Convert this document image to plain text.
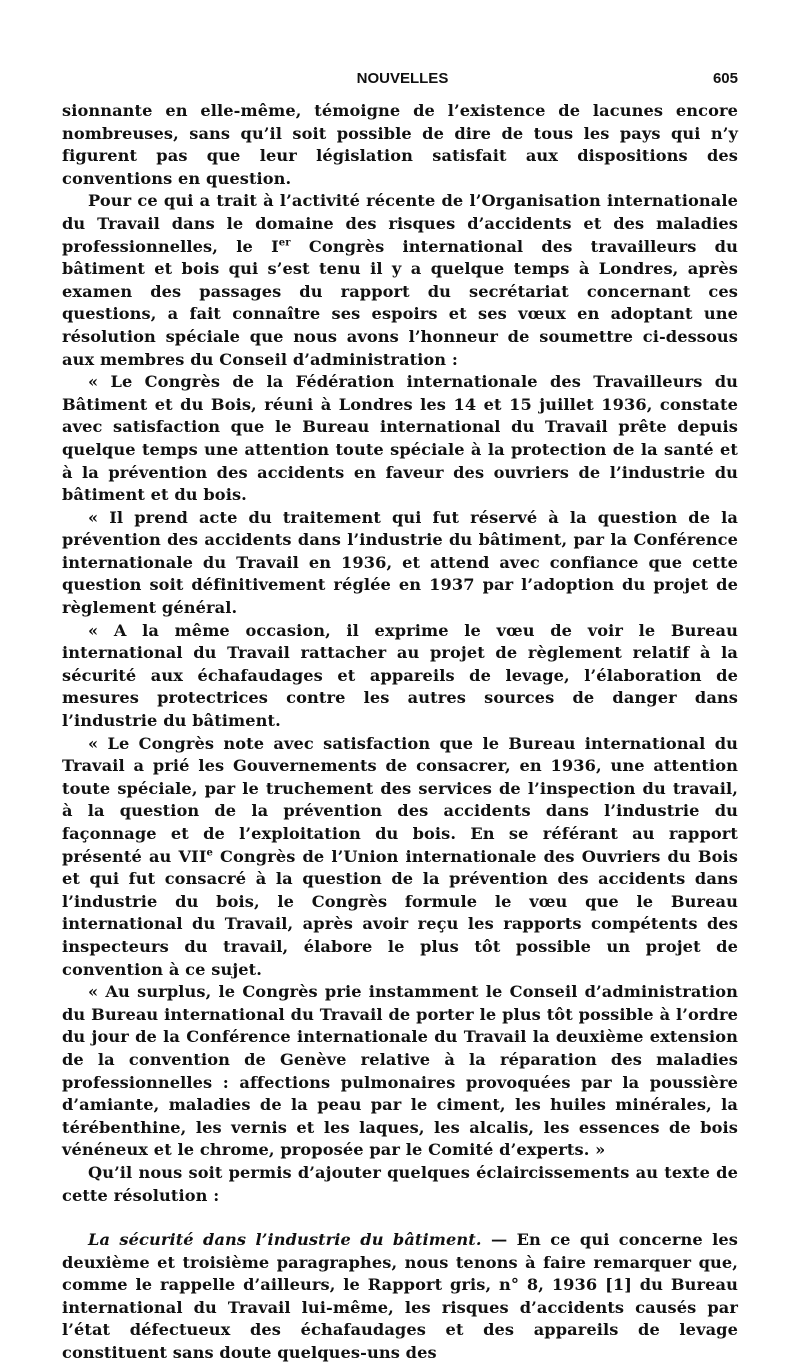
NOUVELLES	605

sionnante en elle-même, témoigne de l’existence de lacunes encore nombreuses, sans qu’il soit possible de dire de tous les pays qui n’y figurent pas que leur législation satisfait aux dispositions des conventions en question.

Pour ce qui a trait à l’activité récente de l’Organisation internationale du Travail dans le domaine des risques d’accidents et des maladies professionnelles, le Ier Congrès international des travailleurs du bâtiment et bois qui s’est tenu il y a quelque temps à Londres, après examen des passages du rapport du secrétariat concernant ces questions, a fait connaître ses espoirs et ses vœux en adoptant une résolution spéciale que nous avons l’honneur de soumettre ci-dessous aux membres du Conseil d’administration :

« Le Congrès de la Fédération internationale des Travailleurs du Bâtiment et du Bois, réuni à Londres les 14 et 15 juillet 1936, constate avec satisfaction que le Bureau international du Travail prête depuis quelque temps une attention toute spéciale à la protection de la santé et à la prévention des accidents en faveur des ouvriers de l’industrie du bâtiment et du bois.

« Il prend acte du traitement qui fut réservé à la question de la prévention des accidents dans l’industrie du bâtiment, par la Conférence internationale du Travail en 1936, et attend avec confiance que cette question soit définitivement réglée en 1937 par l’adoption du projet de règlement général.

« A la même occasion, il exprime le vœu de voir le Bureau international du Travail rattacher au projet de règlement relatif à la sécurité aux échafaudages et appareils de levage, l’élaboration de mesures protectrices contre les autres sources de danger dans l’industrie du bâtiment.

« Le Congrès note avec satisfaction que le Bureau international du Travail a prié les Gouvernements de consacrer, en 1936, une attention toute spéciale, par le truchement des services de l’inspection du travail, à la question de la prévention des accidents dans l’industrie du façonnage et de l’exploitation du bois. En se référant au rapport présenté au VIIe Congrès de l’Union internationale des Ouvriers du Bois et qui fut consacré à la question de la prévention des accidents dans l’industrie du bois, le Congrès formule le vœu que le Bureau international du Travail, après avoir reçu les rapports compétents des inspecteurs du travail, élabore le plus tôt possible un projet de convention à ce sujet.

« Au surplus, le Congrès prie instamment le Conseil d’administration du Bureau international du Travail de porter le plus tôt possible à l’ordre du jour de la Conférence internationale du Travail la deuxième extension de la convention de Genève relative à la réparation des maladies professionnelles : affections pulmonaires provoquées par la poussière d’amiante, maladies de la peau par le ciment, les huiles minérales, la térébenthine, les vernis et les laques, les alcalis, les essences de bois vénéneux et le chrome, proposée par le Comité d’experts. »

Qu’il nous soit permis d’ajouter quelques éclaircissements au texte de cette résolution :

La sécurité dans l’industrie du bâtiment. — En ce qui concerne les deuxième et troisième paragraphes, nous tenons à faire remarquer que, comme le rappelle d’ailleurs, le Rapport gris, n° 8, 1936 [1] du Bureau international du Travail lui-même, les risques d’accidents causés par l’état défectueux des échafaudages et des appareils de levage constituent sans doute quelques-uns des
